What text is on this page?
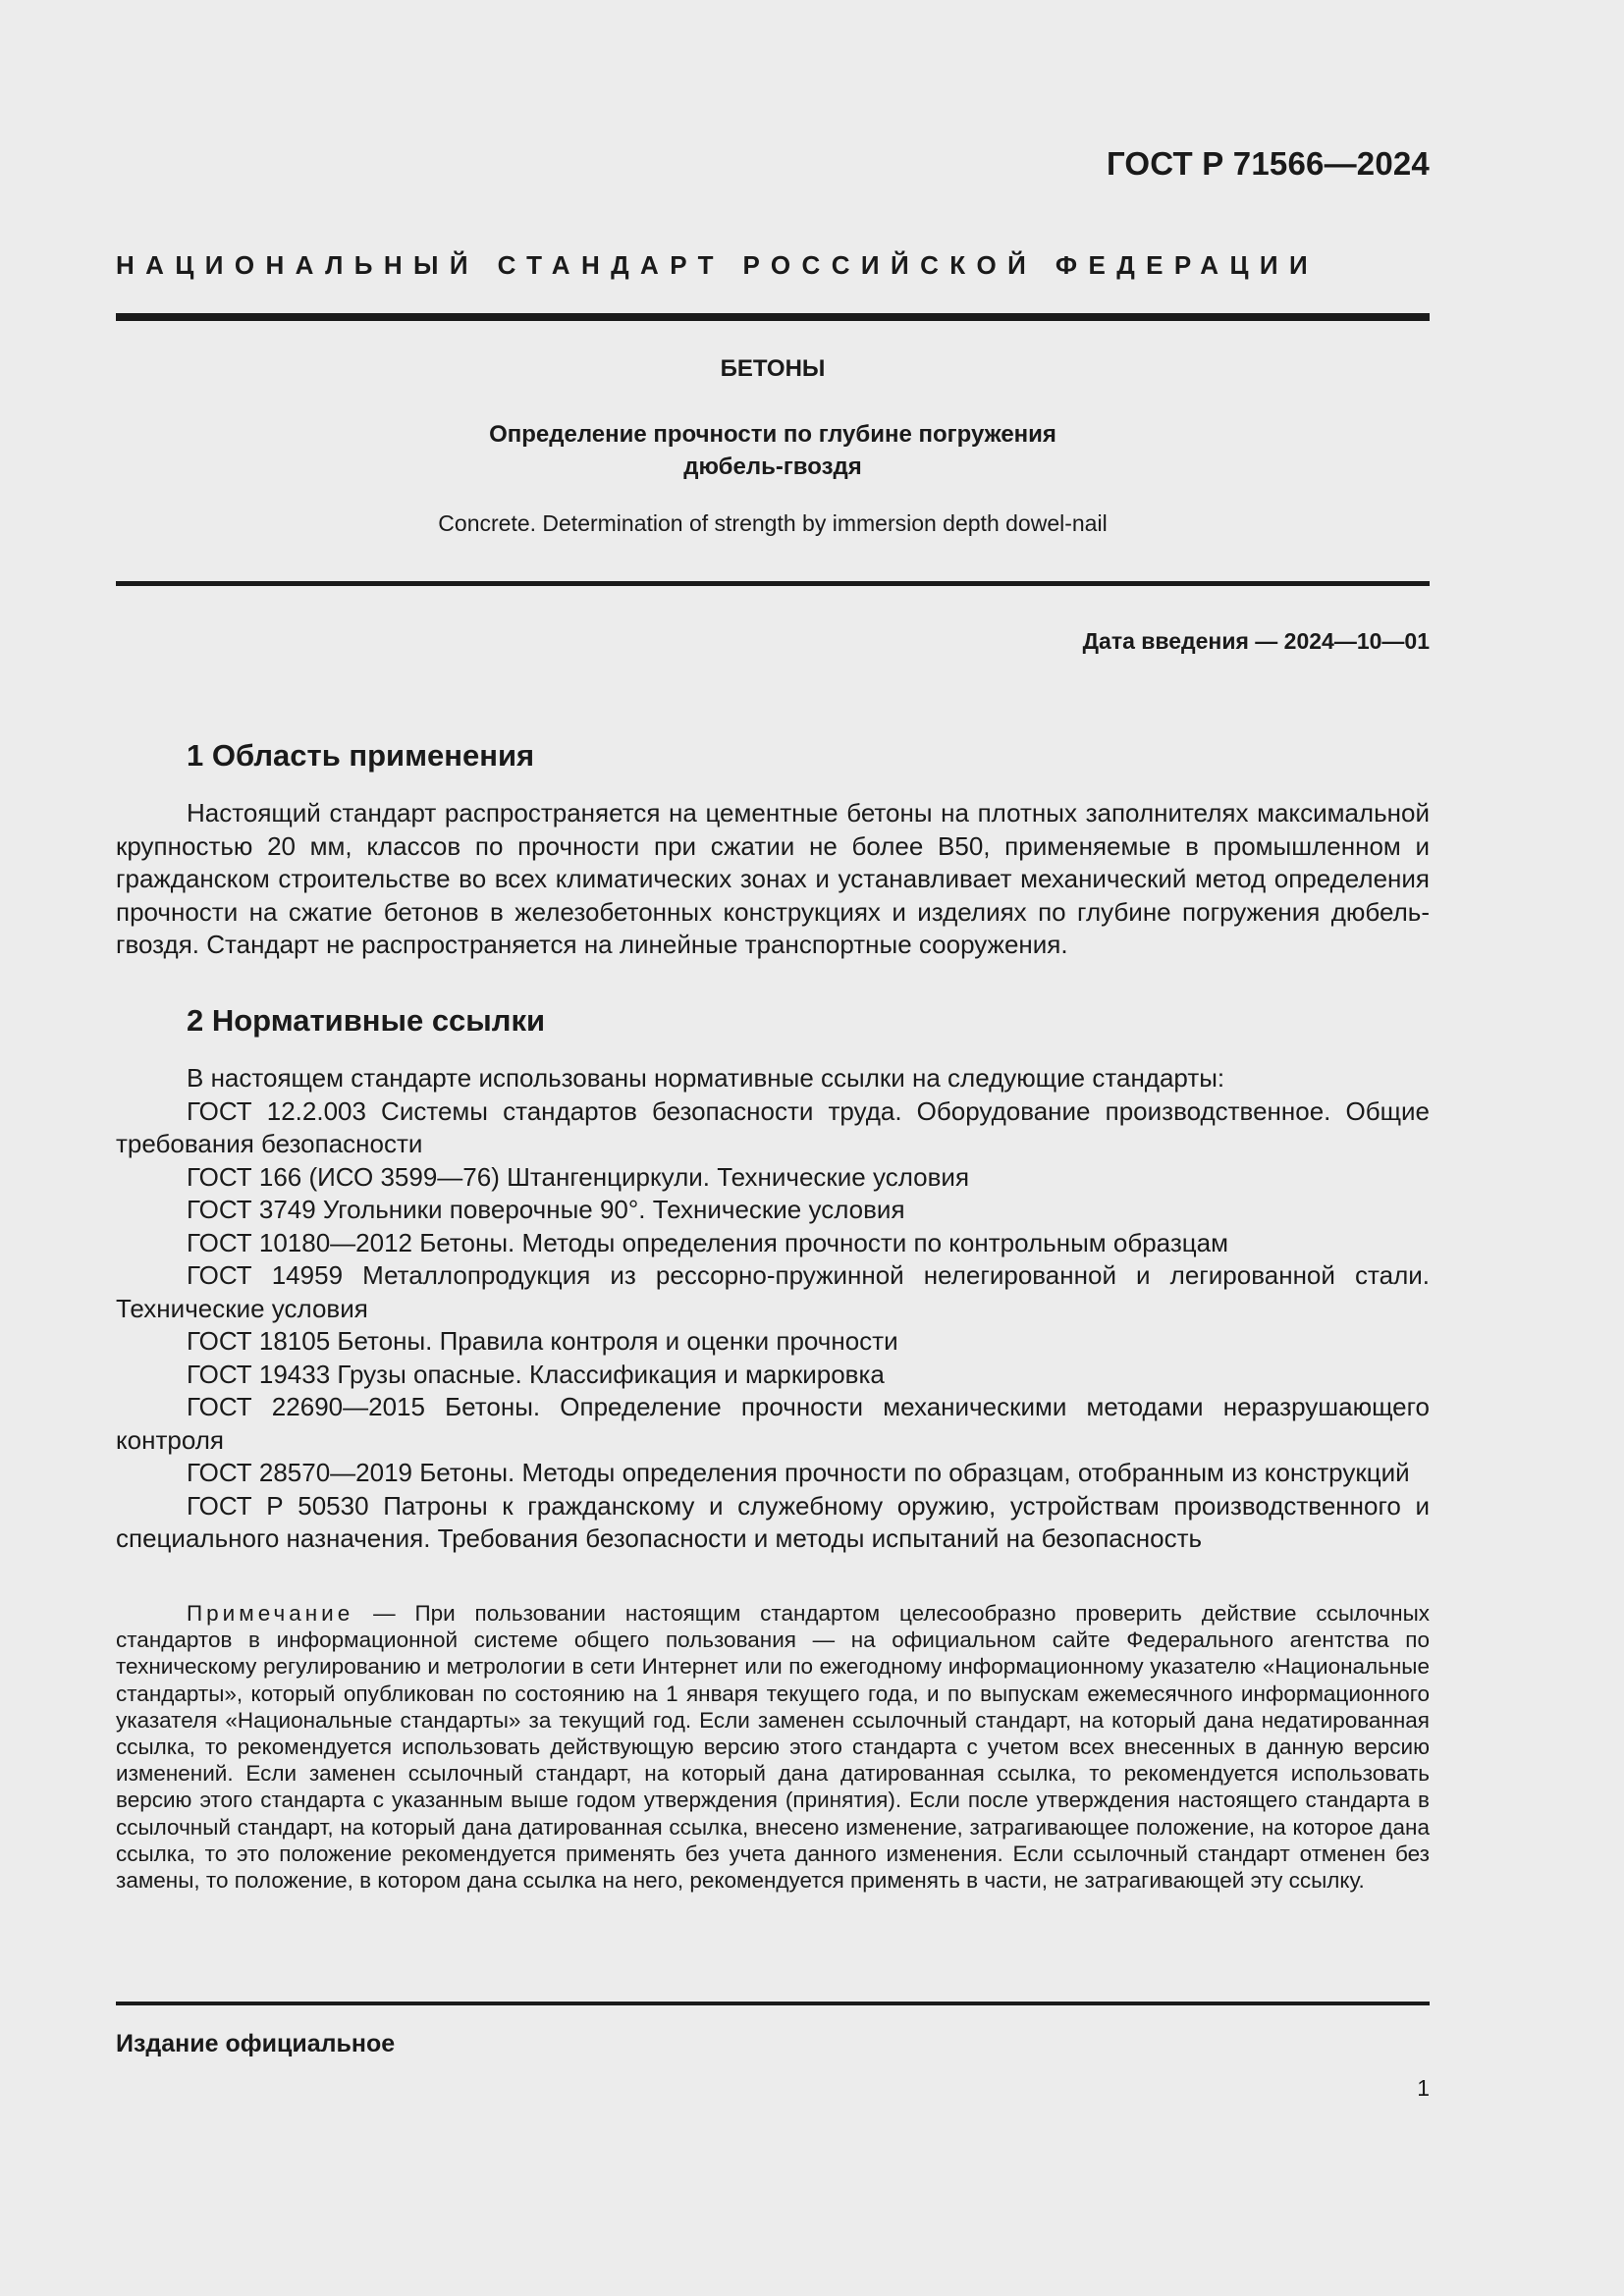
ГОСТ Р 71566—2024
НАЦИОНАЛЬНЫЙ СТАНДАРТ РОССИЙСКОЙ ФЕДЕРАЦИИ
БЕТОНЫ
Определение прочности по глубине погружения
дюбель-гвоздя
Concrete. Determination of strength by immersion depth dowel-nail
Дата введения — 2024—10—01
1 Область применения

Настоящий стандарт распространяется на цементные бетоны на плотных заполнителях максимальной крупностью 20 мм, классов по прочности при сжатии не более В50, применяемые в промышленном и гражданском строительстве во всех климатических зонах и устанавливает механический метод определения прочности на сжатие бетонов в железобетонных конструкциях и изделиях по глубине погружения дюбель-гвоздя. Стандарт не распространяется на линейные транспортные сооружения.

2 Нормативные ссылки

В настоящем стандарте использованы нормативные ссылки на следующие стандарты:

ГОСТ 12.2.003 Системы стандартов безопасности труда. Оборудование производственное. Общие требования безопасности

ГОСТ 166 (ИСО 3599—76) Штангенциркули. Технические условия

ГОСТ 3749 Угольники поверочные 90°. Технические условия

ГОСТ 10180—2012 Бетоны. Методы определения прочности по контрольным образцам

ГОСТ 14959 Металлопродукция из рессорно-пружинной нелегированной и легированной стали. Технические условия

ГОСТ 18105 Бетоны. Правила контроля и оценки прочности

ГОСТ 19433 Грузы опасные. Классификация и маркировка

ГОСТ 22690—2015 Бетоны. Определение прочности механическими методами неразрушающего контроля

ГОСТ 28570—2019 Бетоны. Методы определения прочности по образцам, отобранным из конструкций

ГОСТ Р 50530 Патроны к гражданскому и служебному оружию, устройствам производственного и специального назначения. Требования безопасности и методы испытаний на безопасность

Примечание — При пользовании настоящим стандартом целесообразно проверить действие ссылочных стандартов в информационной системе общего пользования — на официальном сайте Федерального агентства по техническому регулированию и метрологии в сети Интернет или по ежегодному информационному указателю «Национальные стандарты», который опубликован по состоянию на 1 января текущего года, и по выпускам ежемесячного информационного указателя «Национальные стандарты» за текущий год. Если заменен ссылочный стандарт, на который дана недатированная ссылка, то рекомендуется использовать действующую версию этого стандарта с учетом всех внесенных в данную версию изменений. Если заменен ссылочный стандарт, на который дана датированная ссылка, то рекомендуется использовать версию этого стандарта с указанным выше годом утверждения (принятия). Если после утверждения настоящего стандарта в ссылочный стандарт, на который дана датированная ссылка, внесено изменение, затрагивающее положение, на которое дана ссылка, то это положение рекомендуется применять без учета данного изменения. Если ссылочный стандарт отменен без замены, то положение, в котором дана ссылка на него, рекомендуется применять в части, не затрагивающей эту ссылку.

Издание официальное
1
